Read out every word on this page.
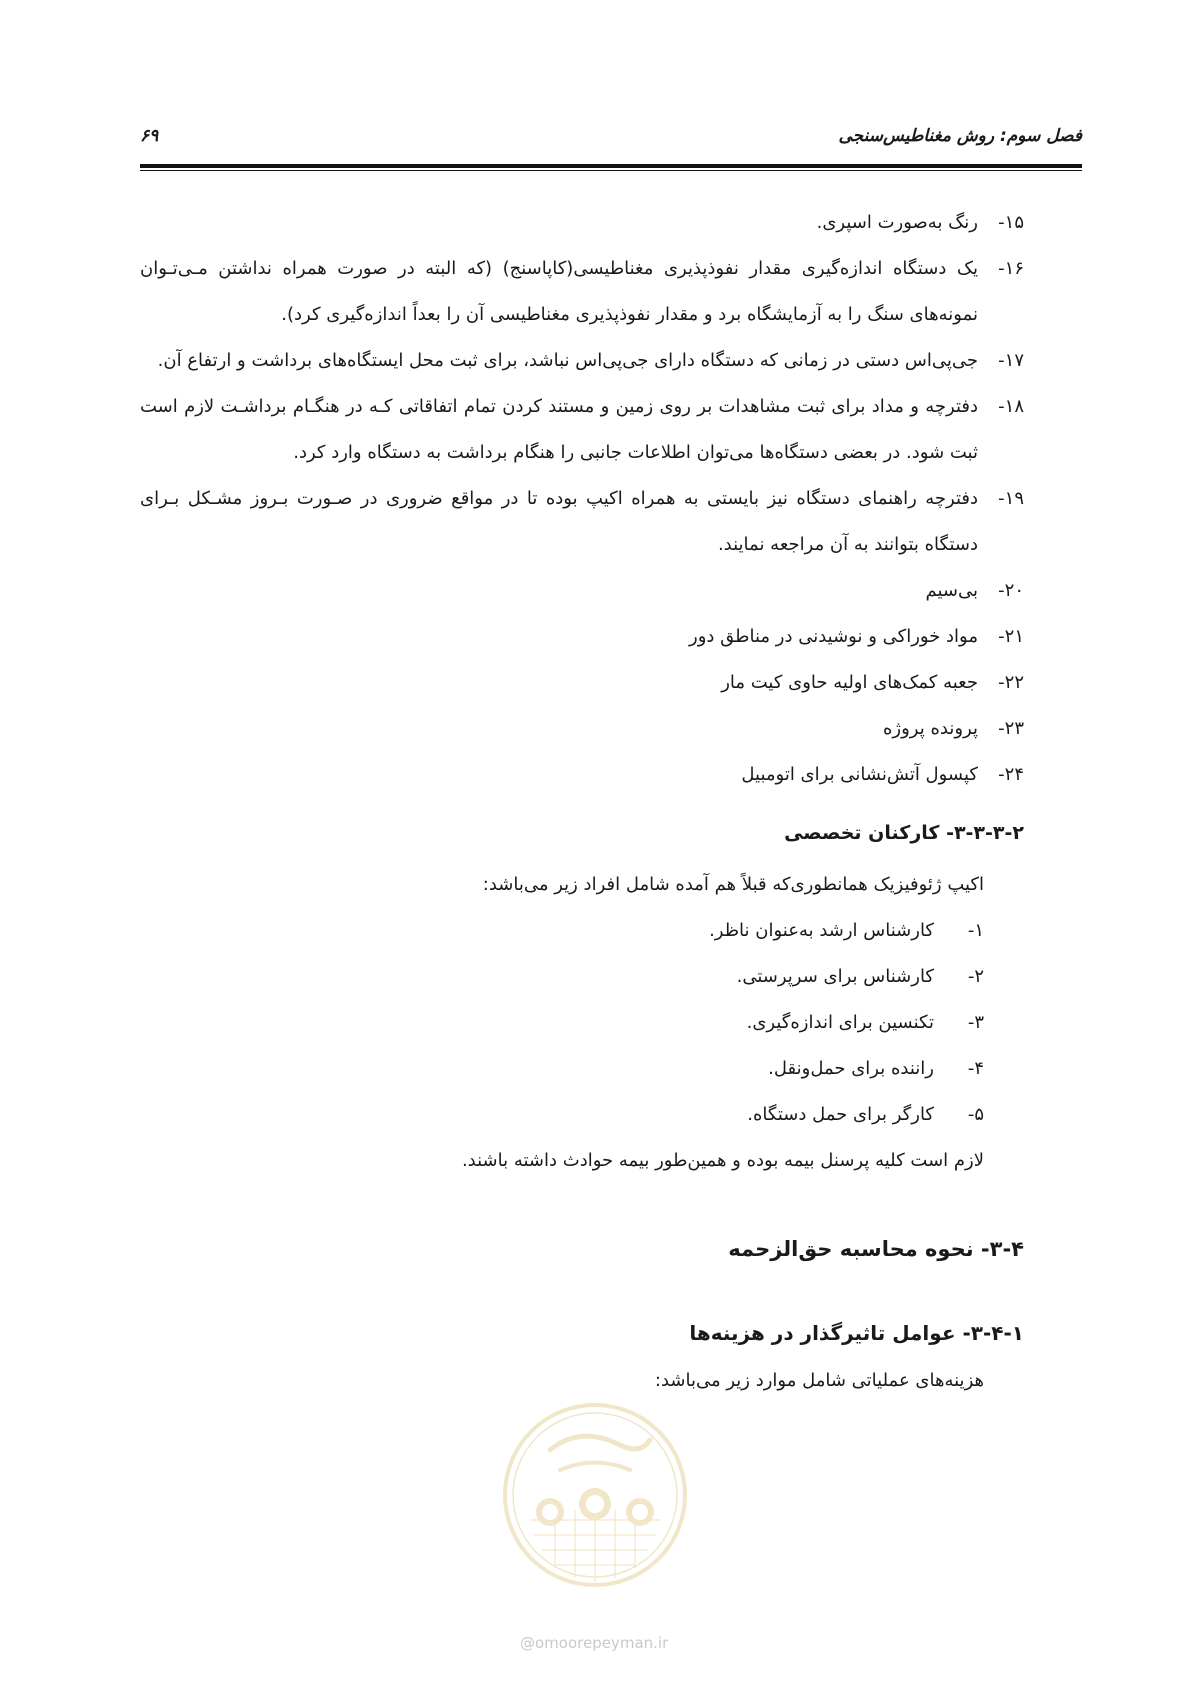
فصل سوم: روش مغناطیس‌سنجی
۶۹
۱۵-
رنگ به‌صورت اسپری.
۱۶-
یک دستگاه اندازه‌گیری مقدار نفوذپذیری مغناطیسی(کاپاسنج) (که البته در صورت همراه نداشتن مـی‌تـوان نمونه‌های سنگ را به آزمایشگاه برد و مقدار نفوذپذیری مغناطیسی آن را بعداً اندازه‌گیری کرد).
۱۷-
جی‌پی‌اس دستی در زمانی که دستگاه دارای جی‌پی‌اس نباشد، برای ثبت محل ایستگاه‌های برداشت و ارتفاع آن.
۱۸-
دفترچه و مداد برای ثبت مشاهدات بر روی زمین و مستند کردن تمام اتفاقاتی کـه در هنگـام برداشـت لازم است ثبت شود. در بعضی دستگاه‌ها می‌توان اطلاعات جانبی را هنگام برداشت به دستگاه وارد کرد.
۱۹-
دفترچه راهنمای دستگاه نیز بایستی به همراه اکیپ بوده تا در مواقع ضروری در صـورت بـروز مشـکل بـرای دستگاه بتوانند به آن مراجعه نمایند.
۲۰-
بی‌سیم
۲۱-
مواد خوراکی و نوشیدنی در مناطق دور
۲۲-
جعبه کمک‌های اولیه حاوی کیت مار
۲۳-
پرونده پروژه
۲۴-
کپسول آتش‌نشانی برای اتومبیل
۳-۳-۳-۲- کارکنان تخصصی
اکیپ ژئوفیزیک همانطوری‌که قبلاً هم آمده شامل افراد زیر می‌باشد:
۱-
کارشناس ارشد به‌عنوان ناظر.
۲-
کارشناس برای سرپرستی.
۳-
تکنسین برای اندازه‌گیری.
۴-
راننده برای حمل‌ونقل.
۵-
کارگر برای حمل دستگاه.
لازم است کلیه پرسنل بیمه بوده و همین‌طور بیمه حوادث داشته باشند.
۳-۴- نحوه محاسبه حق‌الزحمه
۳-۴-۱- عوامل تاثیرگذار در هزینه‌ها
هزینه‌های عملیاتی شامل موارد زیر می‌باشد:
@omoorepeyman.ir
